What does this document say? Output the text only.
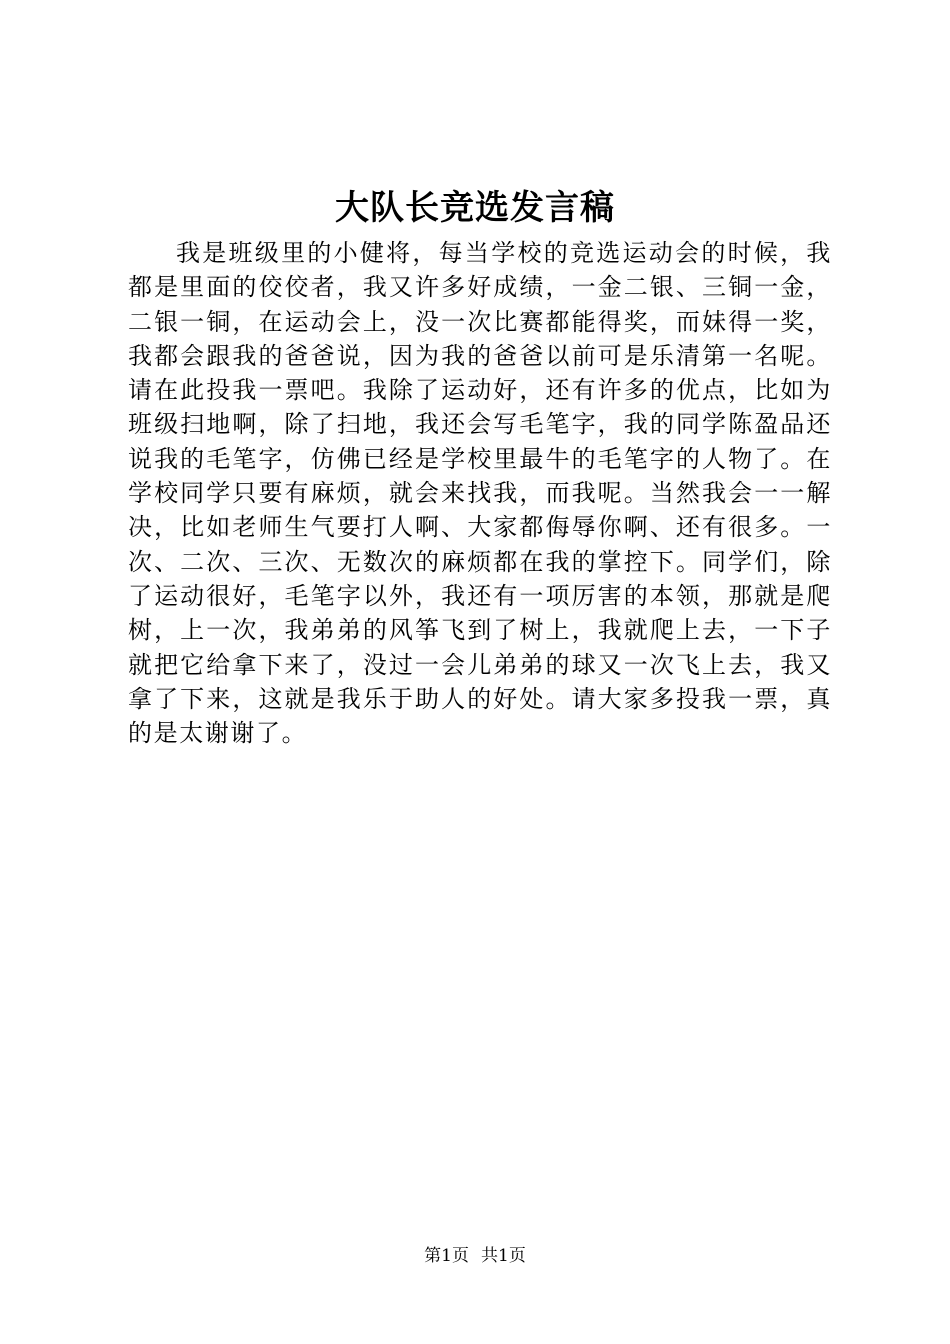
大队长竞选发言稿

我是班级里的小健将，每当学校的竞选运动会的时候，我都是里面的佼佼者，我又许多好成绩，一金二银、三铜一金，二银一铜，在运动会上，没一次比赛都能得奖，而妹得一奖，我都会跟我的爸爸说，因为我的爸爸以前可是乐清第一名呢。请在此投我一票吧。我除了运动好，还有许多的优点，比如为班级扫地啊，除了扫地，我还会写毛笔字，我的同学陈盈品还说我的毛笔字，仿佛已经是学校里最牛的毛笔字的人物了。在学校同学只要有麻烦，就会来找我，而我呢。当然我会一一解决，比如老师生气要打人啊、大家都侮辱你啊、还有很多。一次、二次、三次、无数次的麻烦都在我的掌控下。同学们，除了运动很好，毛笔字以外，我还有一项厉害的本领，那就是爬树，上一次，我弟弟的风筝飞到了树上，我就爬上去，一下子就把它给拿下来了，没过一会儿弟弟的球又一次飞上去，我又拿了下来，这就是我乐于助人的好处。请大家多投我一票，真的是太谢谢了。

第1页 共1页
